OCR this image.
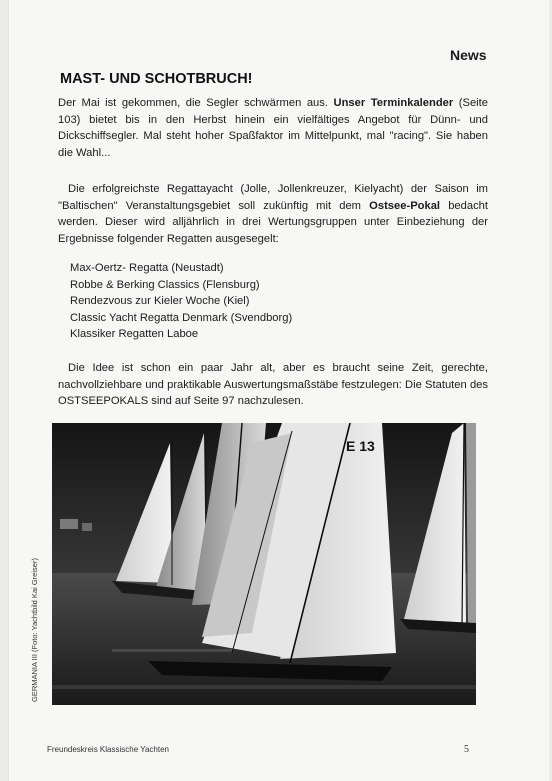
News
MAST- UND SCHOTBRUCH!
Der Mai ist gekommen, die Segler schwärmen aus. Unser Terminkalender (Seite 103) bietet bis in den Herbst hinein ein vielfältiges Angebot für Dünn- und Dickschiffsegler. Mal steht hoher Spaßfaktor im Mittelpunkt, mal "racing". Sie haben die Wahl...
Die erfolgreichste Regattayacht (Jolle, Jollenkreuzer, Kielyacht) der Saison im "Baltischen" Veranstaltungsgebiet soll zukünftig mit dem Ostsee-Pokal bedacht werden. Dieser wird alljährlich in drei Wertungsgruppen unter Einbeziehung der Ergebnisse folgender Regatten ausgesegelt:
Max-Oertz- Regatta (Neustadt)
Robbe & Berking Classics (Flensburg)
Rendezvous zur Kieler Woche (Kiel)
Classic Yacht Regatta Denmark (Svendborg)
Klassiker Regatten Laboe
Die Idee ist schon ein paar Jahr alt, aber es braucht seine Zeit, gerechte, nachvollziehbare und praktikable Auswertungsmaßstäbe festzulegen: Die Statuten des OSTSEEPOKALS sind auf Seite 97 nachzulesen.
E 13
GERMANIA III (Foto: Yachtbild Kai Greiser)
Freundeskreis Klassische Yachten	5
